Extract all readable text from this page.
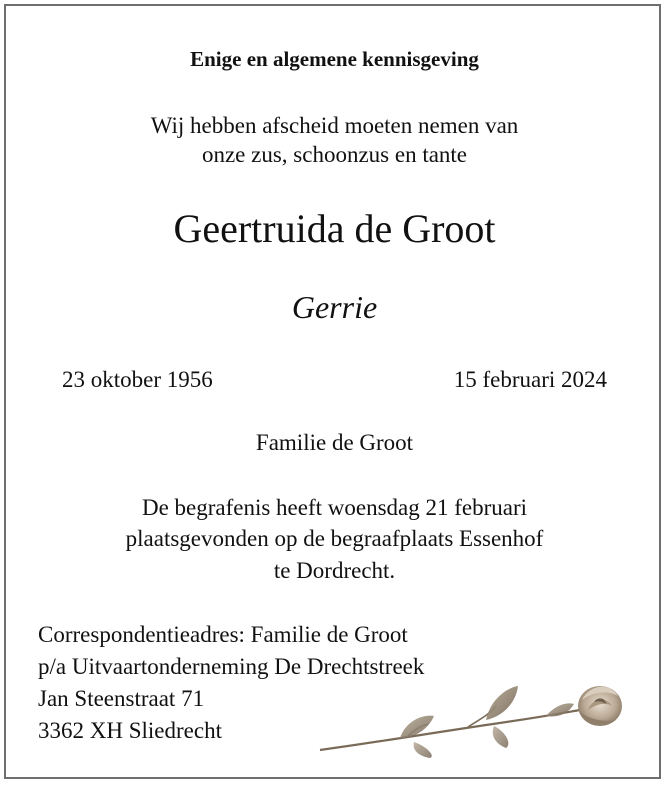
Enige en algemene kennisgeving
Wij hebben afscheid moeten nemen van
onze zus, schoonzus en tante
Geertruida de Groot
Gerrie
23 oktober 1956	15 februari 2024
Familie de Groot
De begrafenis heeft woensdag 21 februari
plaatsgevonden op de begraafplaats Essenhof
te Dordrecht.
Correspondentieadres: Familie de Groot
p/a Uitvaartonderneming De Drechtstreek
Jan Steenstraat 71
3362 XH Sliedrecht
